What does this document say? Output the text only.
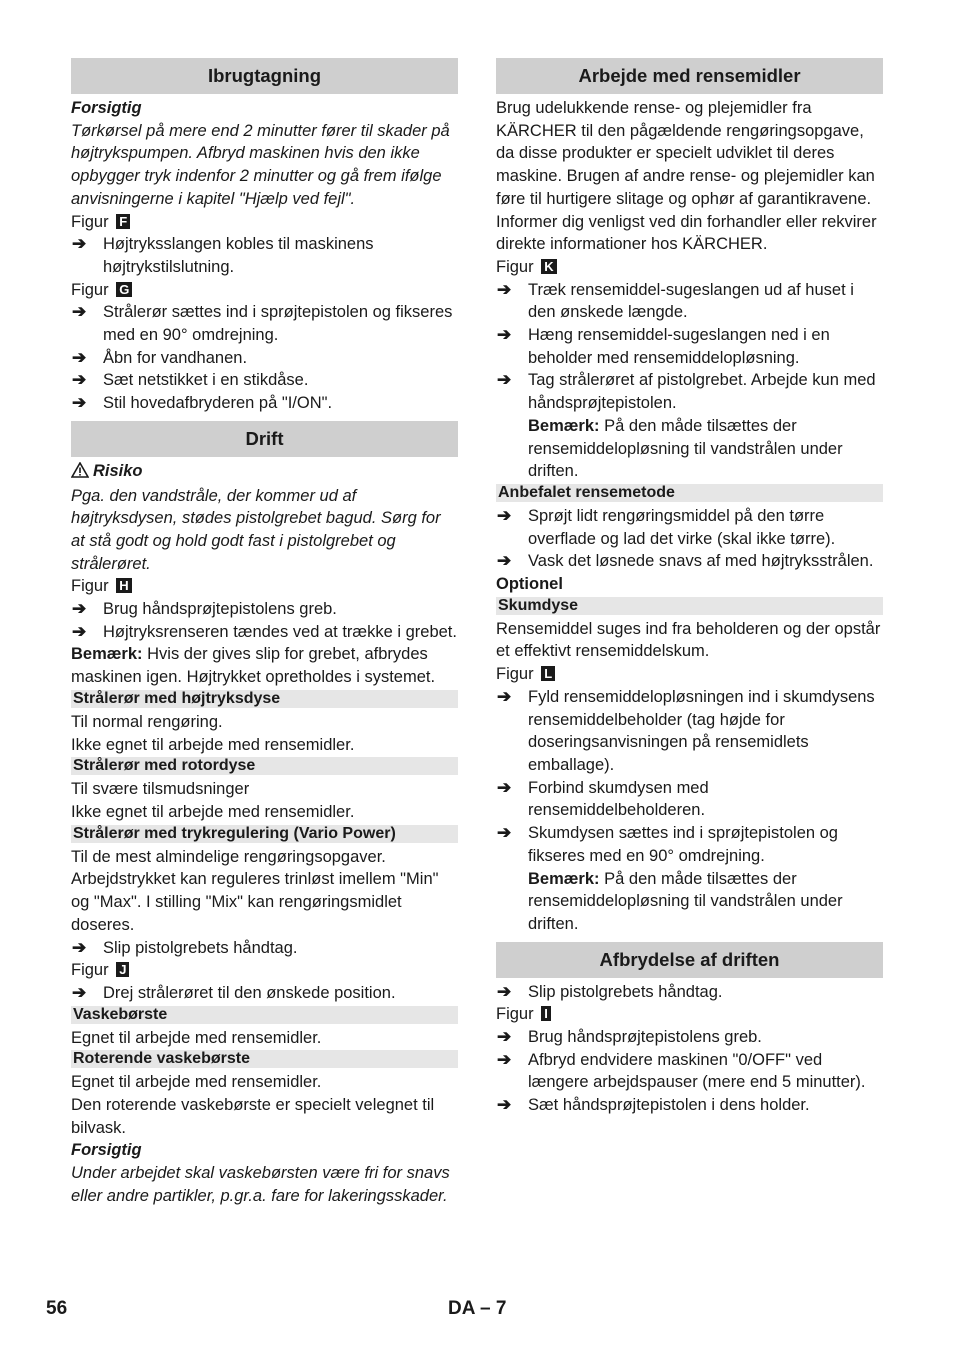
Ibrugtagning

Forsigtig

Tørkørsel på mere end 2 minutter fører til skader på højtrykspumpen. Afbryd maskinen hvis den ikke opbygger tryk indenfor 2 minutter og gå frem ifølge anvisningerne i kapitel "Hjælp ved fejl".

Figur F

➔ Højtryksslangen kobles til maskinens højtrykstilslutning.

Figur G

➔ Strålerør sættes ind i sprøjtepistolen og fikseres med en 90° omdrejning.
➔ Åbn for vandhanen.
➔ Sæt netstikket i en stikdåse.
➔ Stil hovedafbryderen på "I/ON".
Drift

Risiko

Pga. den vandstråle, der kommer ud af højtryksdysen, stødes pistolgrebet bagud. Sørg for at stå godt og hold godt fast i pistolgrebet og strålerøret.

Figur H

➔ Brug håndsprøjtepistolens greb.
➔ Højtryksrenseren tændes ved at trække i grebet.

Bemærk: Hvis der gives slip for grebet, afbrydes maskinen igen. Højtrykket opretholdes i systemet.

Strålerør med højtryksdyse

Til normal rengøring.

Ikke egnet til arbejde med rensemidler.

Strålerør med rotordyse

Til svære tilsmudsninger

Ikke egnet til arbejde med rensemidler.

Strålerør med trykregulering (Vario Power)

Til de mest almindelige rengøringsopgaver. Arbejdstrykket kan reguleres trinløst imellem "Min" og "Max". I stilling "Mix" kan rengøringsmidlet doseres.

➔ Slip pistolgrebets håndtag.

Figur J

➔ Drej strålerøret til den ønskede position.
Vaskebørste

Egnet til arbejde med rensemidler.

Roterende vaskebørste

Egnet til arbejde med rensemidler.

Den roterende vaskebørste er specielt velegnet til bilvask.

Forsigtig

Under arbejdet skal vaskebørsten være fri for snavs eller andre partikler, p.gr.a. fare for lakeringsskader.

Arbejde med rensemidler

Brug udelukkende rense- og plejemidler fra KÄRCHER til den pågældende rengøringsopgave, da disse produkter er specielt udviklet til deres maskine. Brugen af andre rense- og plejemidler kan føre til hurtigere slitage og ophør af garantikravene. Informer dig venligst ved din forhandler eller rekvirer direkte informationer hos KÄRCHER.

Figur K

➔ Træk rensemiddel-sugeslangen ud af huset i den ønskede længde.
➔ Hæng rensemiddel-sugeslangen ned i en beholder med rensemiddelopløsning.
➔ Tag strålerøret af pistolgrebet. Arbejde kun med håndsprøjtepistolen.

Bemærk: På den måde tilsættes der rensemiddelopløsning til vandstrålen under driften.

Anbefalet rensemetode
➔ Sprøjt lidt rengøringsmiddel på den tørre overflade og lad det virke (skal ikke tørre).
➔ Vask det løsnede snavs af med højtryksstrålen.

Optionel

Skumdyse

Rensemiddel suges ind fra beholderen og der opstår et effektivt rensemiddelskum.

Figur L

➔ Fyld rensemiddelopløsningen ind i skumdysens rensemiddelbeholder (tag højde for doseringsanvisningen på rensemidlets emballage).
➔ Forbind skumdysen med rensemiddelbeholderen.
➔ Skumdysen sættes ind i sprøjtepistolen og fikseres med en 90° omdrejning.

Bemærk: På den måde tilsættes der rensemiddelopløsning til vandstrålen under driften.

Afbrydelse af driften
➔ Slip pistolgrebets håndtag.

Figur I

➔ Brug håndsprøjtepistolens greb.
➔ Afbryd endvidere maskinen "0/OFF" ved længere arbejdspauser (mere end 5 minutter).
➔ Sæt håndsprøjtepistolen i dens holder.
56	DA – 7
